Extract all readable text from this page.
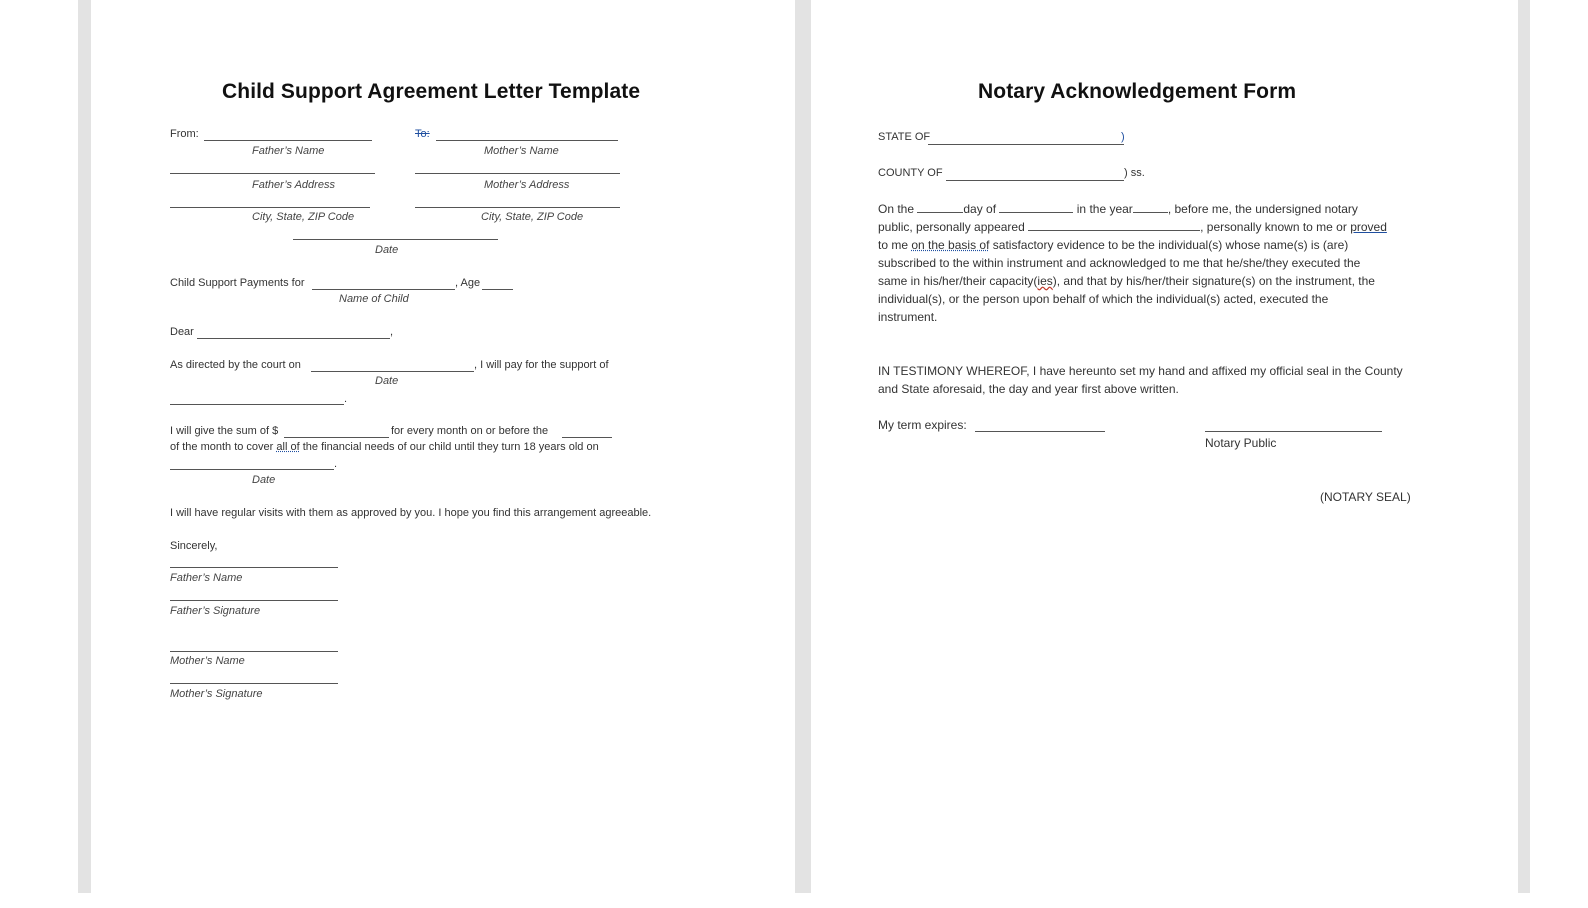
Child Support Agreement Letter Template
From:	To:
Father’s Name	Mother’s Name
Father’s Address	Mother’s Address
City, State, ZIP Code	City, State, ZIP Code
Date
Child Support Payments for	, Age
Name of Child
Dear	,
As directed by the court on	, I will pay for the support of
Date
.
I will give the sum of $	for every month on or before the
of the month to cover all of the financial needs of our child until they turn 18 years old on
.
Date
I will have regular visits with them as approved by you. I hope you find this arrangement agreeable.
Sincerely,
Father’s Name
Father’s Signature
Mother’s Name
Mother’s Signature
Notary Acknowledgement Form
STATE OF	)
COUNTY OF	) ss.
On the	day of	in the year	, before me, the undersigned notary
public, personally appeared	, personally known to me or proved
to me on the basis of satisfactory evidence to be the individual(s) whose name(s) is (are)
subscribed to the within instrument and acknowledged to me that he/she/they executed the
same in his/her/their capacity(ies), and that by his/her/their signature(s) on the instrument, the
individual(s), or the person upon behalf of which the individual(s) acted, executed the
instrument.
IN TESTIMONY WHEREOF, I have hereunto set my hand and affixed my official seal in the County
and State aforesaid, the day and year first above written.
My term expires:
Notary Public
(NOTARY SEAL)
